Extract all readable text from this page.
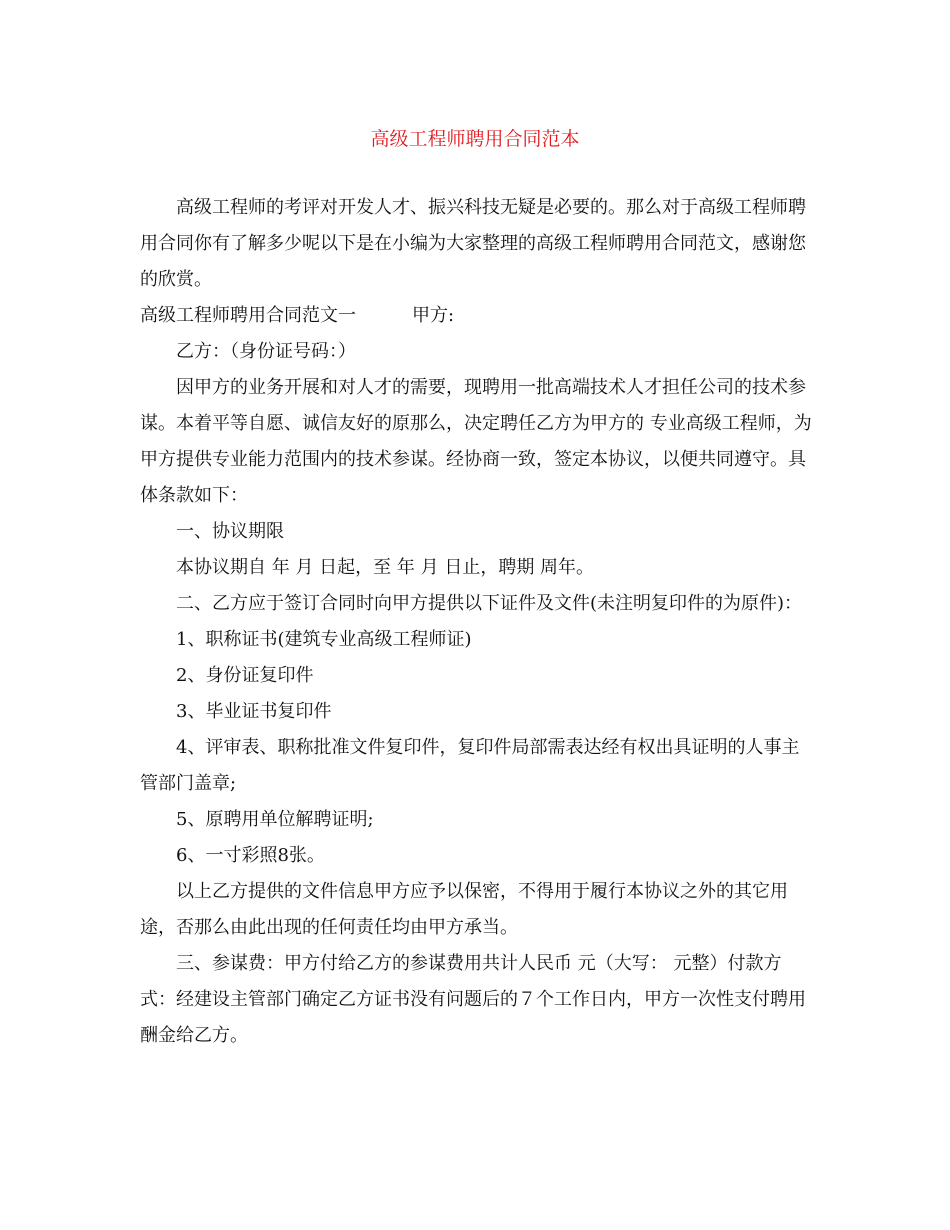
高级工程师聘用合同范本

高级工程师的考评对开发人才、振兴科技无疑是必要的。那么对于高级工程师聘用合同你有了解多少呢以下是在小编为大家整理的高级工程师聘用合同范文，感谢您的欣赏。

高级工程师聘用合同范文一	甲方:

乙方：（身份证号码：）

因甲方的业务开展和对人才的需要，现聘用一批高端技术人才担任公司的技术参谋。本着平等自愿、诚信友好的原那么，决定聘任乙方为甲方的 专业高级工程师，为甲方提供专业能力范围内的技术参谋。经协商一致，签定本协议，以便共同遵守。具体条款如下：

一、协议期限

本协议期自 年 月 日起，至 年 月 日止，聘期 周年。

二、乙方应于签订合同时向甲方提供以下证件及文件(未注明复印件的为原件)：

1、职称证书(建筑专业高级工程师证)

2、身份证复印件

3、毕业证书复印件

4、评审表、职称批准文件复印件，复印件局部需表达经有权出具证明的人事主管部门盖章;

5、原聘用单位解聘证明;

6、一寸彩照8张。

以上乙方提供的文件信息甲方应予以保密，不得用于履行本协议之外的其它用途，否那么由此出现的任何责任均由甲方承当。

三、参谋费：甲方付给乙方的参谋费用共计人民币 元（大写： 元整）付款方式：经建设主管部门确定乙方证书没有问题后的７个工作日内，甲方一次性支付聘用酬金给乙方。
